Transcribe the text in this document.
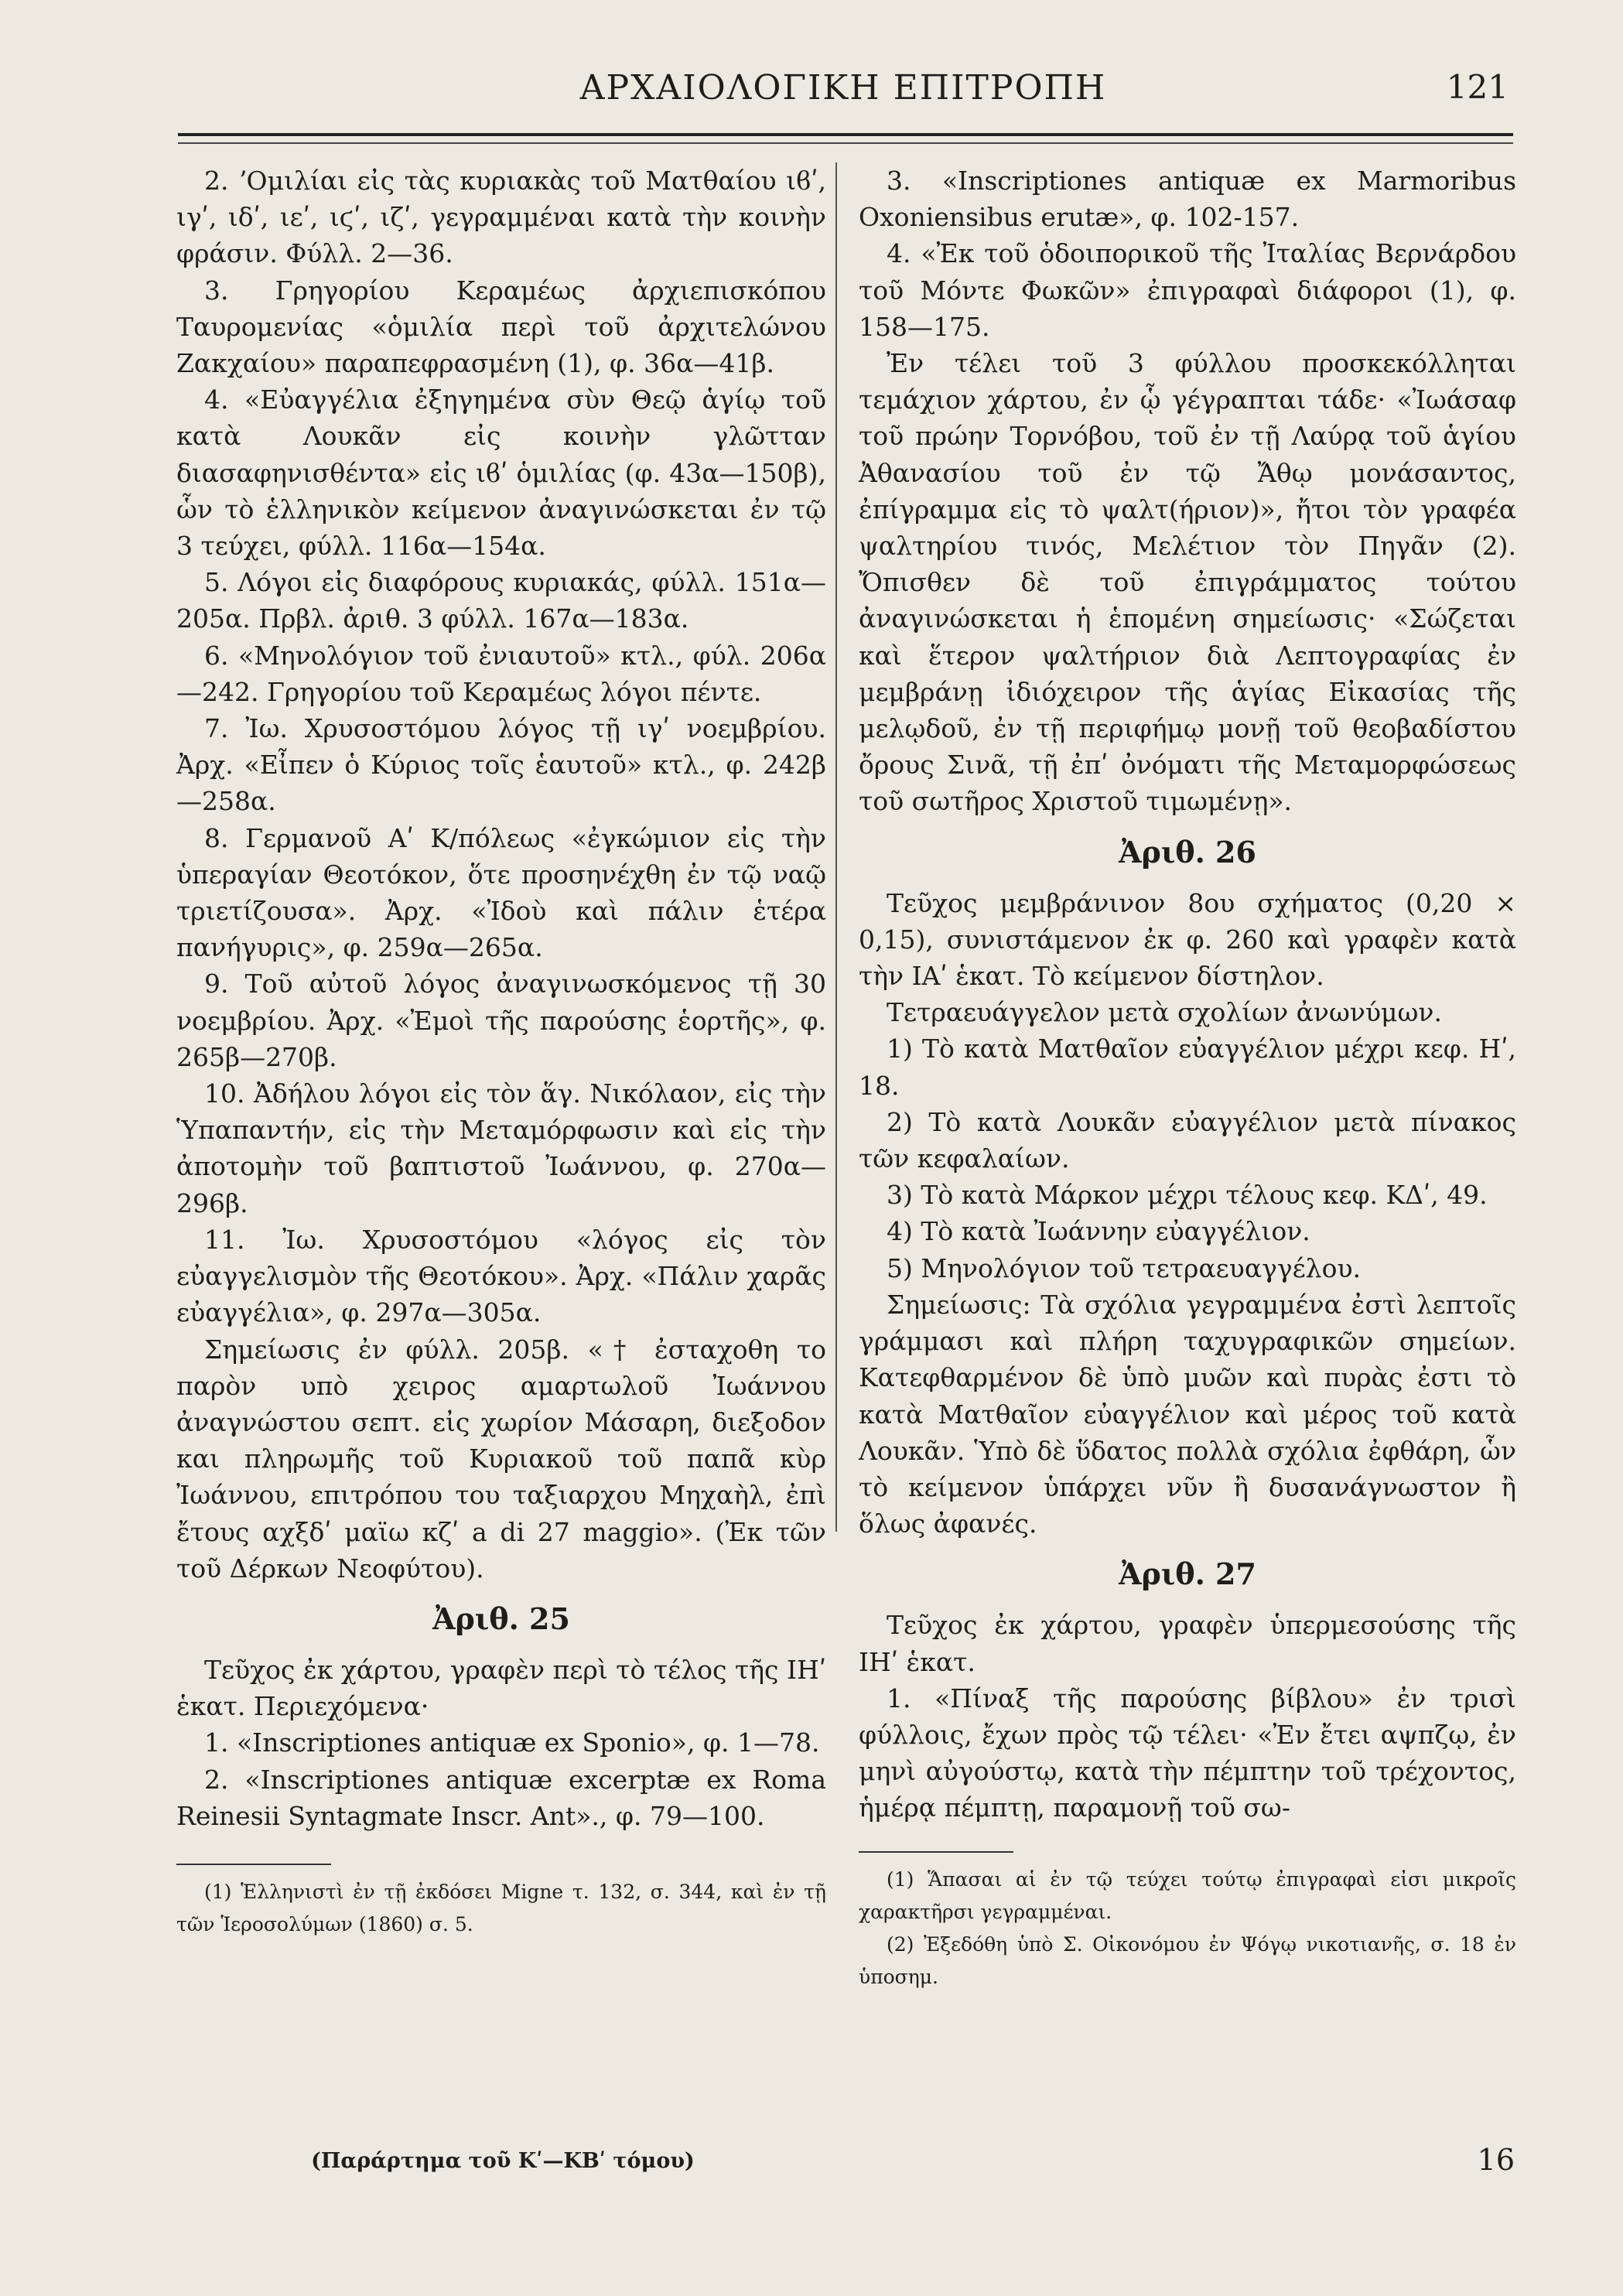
ΑΡΧΑΙΟΛΟΓΙΚΗ ΕΠΙΤΡΟΠΗ	121

2. ʼΟμιλίαι εἰς τὰς κυριακὰς τοῦ Ματθαίου ιϐʹ, ιγʹ, ιδʹ, ιεʹ, ιϛʹ, ιζʹ, γεγραμμέναι κατὰ τὴν κοινὴν φράσιν. Φύλλ. 2—36.

3. Γρηγορίου Κεραμέως ἀρχιεπισκόπου Ταυρομενίας «ὁμιλία περὶ τοῦ ἀρχιτελώνου Ζακχαίου» παραπεφρασμένη (1), φ. 36α—41β.

4. «Εὐαγγέλια ἐξηγημένα σὺν Θεῷ ἁγίῳ τοῦ κατὰ Λουκᾶν εἰς κοινὴν γλῶτταν διασαφηνισθέντα» εἰς ιϐʹ ὁμιλίας (φ. 43α—150β), ὧν τὸ ἑλληνικὸν κείμενον ἀναγινώσκεται ἐν τῷ 3 τεύχει, φύλλ. 116α—154α.

5. Λόγοι εἰς διαφόρους κυριακάς, φύλλ. 151α—205α. Πρβλ. ἀριθ. 3 φύλλ. 167α—183α.

6. «Μηνολόγιον τοῦ ἐνιαυτοῦ» κτλ., φύλ. 206α—242. Γρηγορίου τοῦ Κεραμέως λόγοι πέντε.

7. Ἰω. Χρυσοστόμου λόγος τῇ ιγʹ νοεμβρίου. Ἀρχ. «Εἶπεν ὁ Κύριος τοῖς ἑαυτοῦ» κτλ., φ. 242β—258α.

8. Γερμανοῦ Αʹ Κ/πόλεως «ἐγκώμιον εἰς τὴν ὑπεραγίαν Θεοτόκον, ὅτε προσηνέχθη ἐν τῷ ναῷ τριετίζουσα». Ἀρχ. «Ἰδοὺ καὶ πάλιν ἑτέρα πανήγυρις», φ. 259α—265α.

9. Τοῦ αὐτοῦ λόγος ἀναγινωσκόμενος τῇ 30 νοεμβρίου. Ἀρχ. «Ἐμοὶ τῆς παρούσης ἑορτῆς», φ. 265β—270β.

10. Ἀδήλου λόγοι εἰς τὸν ἅγ. Νικόλαον, εἰς τὴν Ὑπαπαντήν, εἰς τὴν Μεταμόρφωσιν καὶ εἰς τὴν ἀποτομὴν τοῦ βαπτιστοῦ Ἰωάννου, φ. 270α—296β.

11. Ἰω. Χρυσοστόμου «λόγος εἰς τὸν εὐαγγελισμὸν τῆς Θεοτόκου». Ἀρχ. «Πάλιν χαρᾶς εὐαγγέλια», φ. 297α—305α.

Σημείωσις ἐν φύλλ. 205β. «† ἐσταχοθη το παρὸν υπὸ χειρος αμαρτωλοῦ Ἰωάννου ἀναγνώστου σεπτ. εἰς χωρίον Μάσαρη, διεξοδον και πληρωμῆς τοῦ Κυριακοῦ τοῦ παπᾶ κὺρ Ἰωάννου, επιτρόπου του ταξιαρχου Μηχαὴλ, ἐπὶ ἔτους αχξδʹ μαϊω κζʹ a di 27 maggio». (Ἐκ τῶν τοῦ Δέρκων Νεοφύτου).

Ἀριθ. 25

Τεῦχος ἐκ χάρτου, γραφὲν περὶ τὸ τέλος τῆς ΙΗʹ ἑκατ. Περιεχόμενα·

1. «Inscriptiones antiquæ ex Sponio», φ. 1—78.

2. «Inscriptiones antiquæ excerptæ ex Roma Reinesii Syntagmate Inscr. Ant»., φ. 79—100.

(1) Ἑλληνιστὶ ἐν τῇ ἐκδόσει Migne τ. 132, σ. 344, καὶ ἐν τῇ τῶν Ἱεροσολύμων (1860) σ. 5.

3. «Inscriptiones antiquæ ex Marmoribus Oxoniensibus erutæ», φ. 102-157.

4. «Ἐκ τοῦ ὁδοιπορικοῦ τῆς Ἰταλίας Βερνάρδου τοῦ Μόντε Φωκῶν» ἐπιγραφαὶ διάφοροι (1), φ. 158—175.

Ἐν τέλει τοῦ 3 φύλλου προσκεκόλληται τεμάχιον χάρτου, ἐν ᾧ γέγραπται τάδε· «Ἰωάσαφ τοῦ πρώην Τορνόβου, τοῦ ἐν τῇ Λαύρᾳ τοῦ ἁγίου Ἀθανασίου τοῦ ἐν τῷ Ἄθῳ μονάσαντος, ἐπίγραμμα εἰς τὸ ψαλτ(ήριον)», ἤτοι τὸν γραφέα ψαλτηρίου τινός, Μελέτιον τὸν Πηγᾶν (2). Ὄπισθεν δὲ τοῦ ἐπιγράμματος τούτου ἀναγινώσκεται ἡ ἑπομένη σημείωσις· «Σώζεται καὶ ἕτερον ψαλτήριον διὰ Λεπτογραφίας ἐν μεμβράνῃ ἰδιόχειρον τῆς ἁγίας Εἰκασίας τῆς μελῳδοῦ, ἐν τῇ περιφήμῳ μονῇ τοῦ θεοβαδίστου ὄρους Σινᾶ, τῇ ἐπʹ ὀνόματι τῆς Μεταμορφώσεως τοῦ σωτῆρος Χριστοῦ τιμωμένῃ».

Ἀριθ. 26

Τεῦχος μεμβράνινον 8ου σχήματος (0,20 × 0,15), συνιστάμενον ἐκ φ. 260 καὶ γραφὲν κατὰ τὴν ΙΑʹ ἑκατ. Τὸ κείμενον δίστηλον.

Τετραευάγγελον μετὰ σχολίων ἀνωνύμων.

1) Τὸ κατὰ Ματθαῖον εὐαγγέλιον μέχρι κεφ. Ηʹ, 18.

2) Τὸ κατὰ Λουκᾶν εὐαγγέλιον μετὰ πίνακος τῶν κεφαλαίων.

3) Τὸ κατὰ Μάρκον μέχρι τέλους κεφ. ΚΔʹ, 49.

4) Τὸ κατὰ Ἰωάννην εὐαγγέλιον.

5) Μηνολόγιον τοῦ τετραευαγγέλου.

Σημείωσις: Τὰ σχόλια γεγραμμένα ἐστὶ λεπτοῖς γράμμασι καὶ πλήρη ταχυγραφικῶν σημείων. Κατεφθαρμένον δὲ ὑπὸ μυῶν καὶ πυρὰς ἐστι τὸ κατὰ Ματθαῖον εὐαγγέλιον καὶ μέρος τοῦ κατὰ Λουκᾶν. Ὑπὸ δὲ ὕδατος πολλὰ σχόλια ἐφθάρη, ὧν τὸ κείμενον ὑπάρχει νῦν ἢ δυσανάγνωστον ἢ ὅλως ἀφανές.

Ἀριθ. 27

Τεῦχος ἐκ χάρτου, γραφὲν ὑπερμεσούσης τῆς ΙΗʹ ἑκατ.

1. «Πίναξ τῆς παρούσης βίβλου» ἐν τρισὶ φύλλοις, ἔχων πρὸς τῷ τέλει· «Ἐν ἔτει αψπζῳ, ἐν μηνὶ αὐγούστῳ, κατὰ τὴν πέμπτην τοῦ τρέχοντος, ἡμέρᾳ πέμπτῃ, παραμονῇ τοῦ σω-

(1) Ἅπασαι αἱ ἐν τῷ τεύχει τούτῳ ἐπιγραφαὶ εἰσι μικροῖς χαρακτῆρσι γεγραμμέναι.

(2) Ἐξεδόθη ὑπὸ Σ. Οἰκονόμου ἐν Ψόγῳ νικοτιανῆς, σ. 18 ἐν ὑποσημ.

(Παράρτημα τοῦ Κʹ—ΚΒʹ τόμου)	16
